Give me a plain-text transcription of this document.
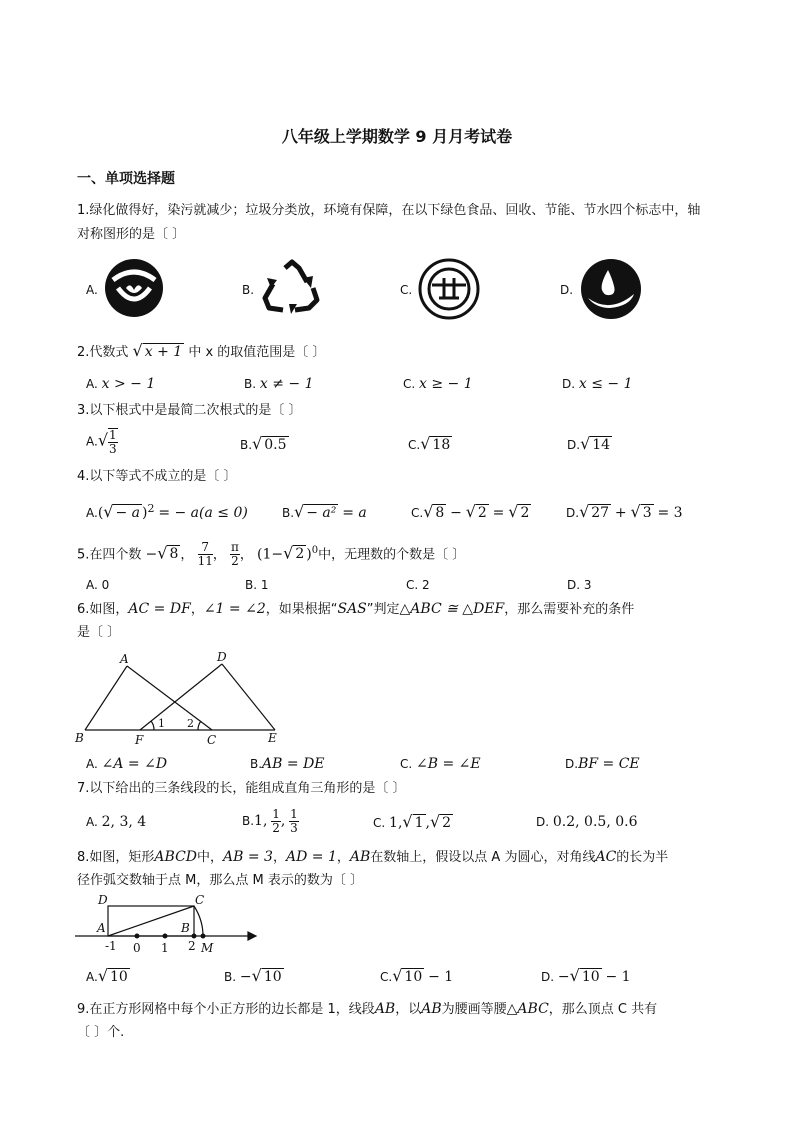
八年级上学期数学 9 月月考试卷
一、单项选择题
1.绿化做得好，染污就减少；垃圾分类放，环境有保障，在以下绿色食品、回收、节能、节水四个标志中，轴
对称图形的是〔 〕
A.	B.	C.	D.
2.代数式 √ x + 1 中 x 的取值范围是〔 〕
A. x > − 1	B. x ≠ − 1	C. x ≥ − 1	D. x ≤ − 1
3.以下根式中是最简二次根式的是〔 〕
$A.√ \frac{1}{3}$	B.√ 0.5	C.√ 18	D.√ 14
4.以下等式不成立的是〔 〕
A.(√ − a )$^2$ = − a(a ≤ 0)	B.√ − a² = a	C.√ 8 − √ 2 = √ 2	D.√ 27 + √ 3 = 3
5.在四个数 −√ 8 ， $\frac{7}{11}$ ， $\frac{\pi}{2}$ ， (1−√ 2 )$^0$中，无理数的个数是〔 〕
A. 0	B. 1	C. 2	D. 3
6.如图，AC = DF，∠1 = ∠2，如果根据“SAS”判定△ABC ≅ △DEF，那么需要补充的条件
是〔 〕
A	D
B	F	C	E
1 2
A. ∠A = ∠D	B.AB = DE	C. ∠B = ∠E	D.BF = CE
7.以下给出的三条线段的长，能组成直角三角形的是〔 〕
A. 2, 3, 4	B.1, $\frac{1}{2}$ , $\frac{1}{3}$	C. 1,√ 1 ,√ 2	D. 0.2, 0.5, 0.6
8.如图，矩形ABCD中，AB = 3，AD = 1，AB在数轴上，假设以点 A 为圆心，对角线AC的长为半
径作弧交数轴于点 M，那么点 M 表示的数为〔 〕
D	C
A	B
-1 0 1 2 M
A.√ 10	B. −√ 10	C.√ 10 − 1	D. −√ 10 − 1
9.在正方形网格中每个小正方形的边长都是 1，线段AB，以AB为腰画等腰△ABC，那么顶点 C 共有
〔 〕个.
